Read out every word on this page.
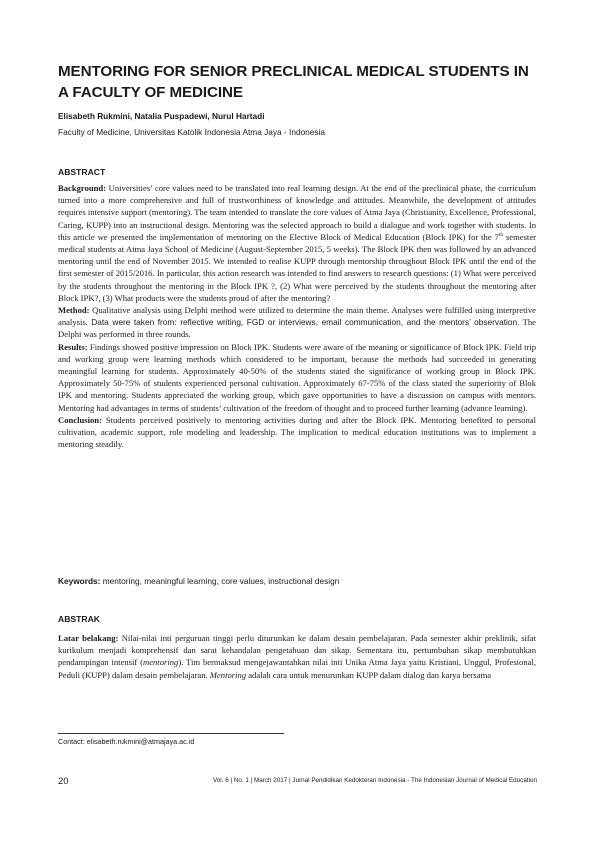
MENTORING FOR SENIOR PRECLINICAL MEDICAL STUDENTS IN A FACULTY OF MEDICINE

Elisabeth Rukmini, Natalia Puspadewi, Nurul Hartadi

Faculty of Medicine, Universitas Katolik Indonesia Atma Jaya - Indonesia

ABSTRACT

Background: Universities’ core values need to be translated into real learning design. At the end of the preclinical phase, the curriculum turned into a more comprehensive and full of trustworthiness of knowledge and attitudes. Meanwhile, the development of attitudes requires intensive support (mentoring). The team intended to translate the core values of Atma Jaya (Christianity, Excellence, Professional, Caring, KUPP) into an instructional design. Mentoring was the selected approach to build a dialogue and work together with students. In this article we presented the implementation of mentoring on the Elective Block of Medical Education (Block IPK) for the 7th semester medical students at Atma Jaya School of Medicine (August-September 2015, 5 weeks). The Block IPK then was followed by an advanced mentoring until the end of November 2015. We intended to realise KUPP through mentorship throughout Block IPK until the end of the first semester of 2015/2016. In particular, this action research was intended to find answers to research questions: (1) What were perceived by the students throughout the mentoring in the Block IPK ?, (2) What were perceived by the students throughout the mentoring after Block IPK?, (3) What products were the students proud of after the mentoring?

Method: Qualitative analysis using Delphi method were utilized to determine the main theme. Analyses were fulfilled using interpretive analysis. Data were taken from: reflective writing, FGD or interviews, email communication, and the mentors’ observation. The Delphi was performed in three rounds.

Results: Findings showed positive impression on Block IPK. Students were aware of the meaning or significance of Block IPK. Field trip and working group were learning methods which considered to be important, because the methods had succeeded in generating meaningful learning for students. Approximately 40-50% of the students stated the significance of working group in Block IPK. Approximately 50-75% of students experienced personal cultivation. Approximately 67-75% of the class stated the superiority of Blok IPK and mentoring. Students appreciated the working group, which gave opportunities to have a discussion on campus with mentors. Mentoring had advantages in terms of students’ cultivation of the freedom of thought and to proceed further learning (advance learning).

Conclusion: Students perceived positively to mentoring activities during and after the Block IPK. Mentoring benefited to personal cultivation, academic support, role modeling and leadership. The implication to medical education institutions was to implement a mentoring steadily.

Keywords: mentoring, meaningful learning, core values, instructional design

ABSTRAK

Latar belakang: Nilai-nilai inti perguruan tinggi perlu diturunkan ke dalam desain pembelajaran. Pada semester akhir preklinik, sifat kurikulum menjadi komprehensif dan sarat kehandalan pengetahuan dan sikap. Sementara itu, pertumbuhan sikap membutuhkan pendampingan intensif (mentoring). Tim bermaksud mengejawantahkan nilai inti Unika Atma Jaya yaitu Kristiani, Unggul, Profesional, Peduli (KUPP) dalam desain pembelajaran. Mentoring adalah cara untuk menurunkan KUPP dalam dialog dan karya bersama

Contact: elisabeth.rukmini@atmajaya.ac.id

20	Vol. 6 | No. 1 | March 2017 | Jurnal Pendidikan Kedokteran Indonesia - The Indonesian Journal of Medical Education
